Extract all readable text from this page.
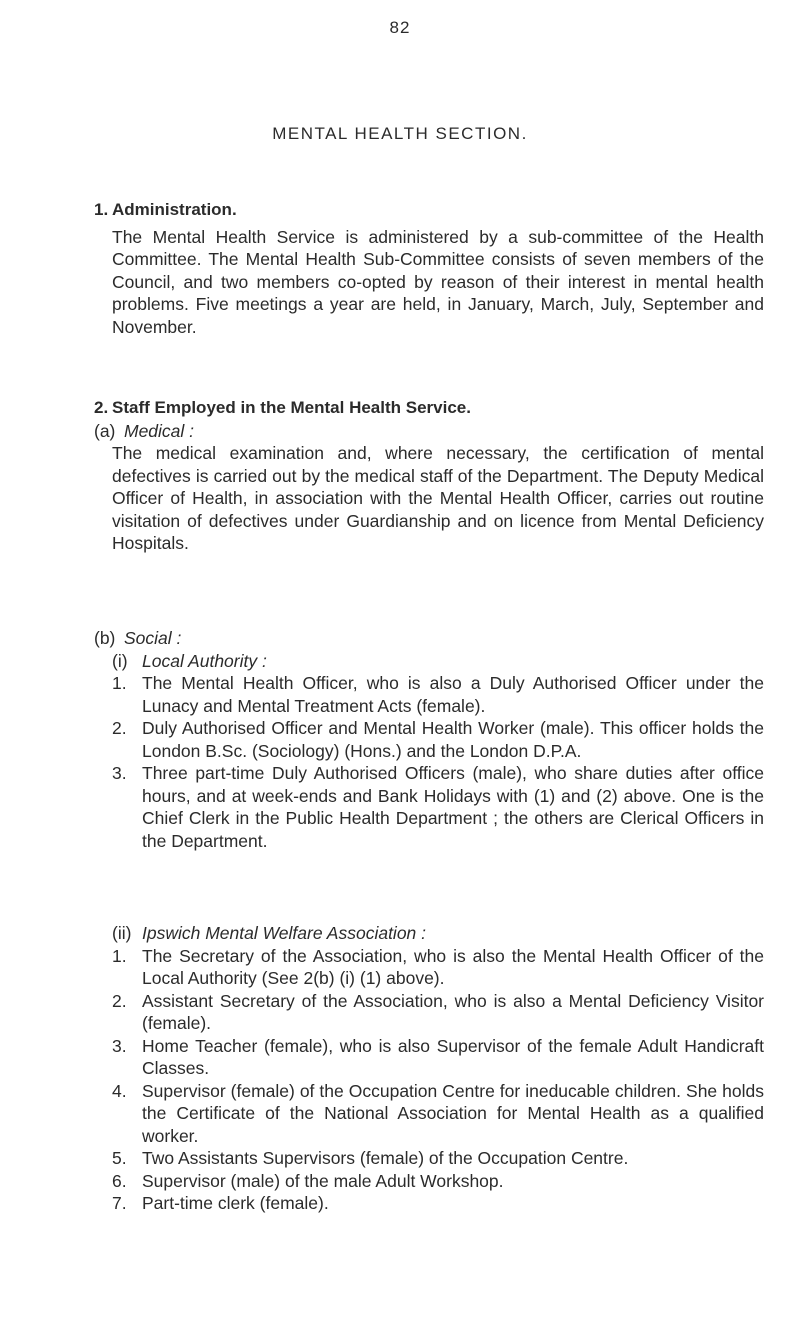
82
MENTAL HEALTH SECTION.
1. Administration.

The Mental Health Service is administered by a sub-committee of the Health Committee. The Mental Health Sub-Committee consists of seven members of the Council, and two members co-opted by reason of their interest in mental health problems. Five meetings a year are held, in January, March, July, September and November.

2. Staff Employed in the Mental Health Service.
(a) Medical :

The medical examination and, where necessary, the certification of mental defectives is carried out by the medical staff of the Department. The Deputy Medical Officer of Health, in association with the Mental Health Officer, carries out routine visitation of defectives under Guardianship and on licence from Mental Deficiency Hospitals.

(b) Social :
(i) Local Authority :
1. The Mental Health Officer, who is also a Duly Authorised Officer under the Lunacy and Mental Treatment Acts (female).
2. Duly Authorised Officer and Mental Health Worker (male). This officer holds the London B.Sc. (Sociology) (Hons.) and the London D.P.A.
3. Three part-time Duly Authorised Officers (male), who share duties after office hours, and at week-ends and Bank Holidays with (1) and (2) above. One is the Chief Clerk in the Public Health Department ; the others are Clerical Officers in the Department.
(ii) Ipswich Mental Welfare Association :
1. The Secretary of the Association, who is also the Mental Health Officer of the Local Authority (See 2(b) (i) (1) above).
2. Assistant Secretary of the Association, who is also a Mental Deficiency Visitor (female).
3. Home Teacher (female), who is also Supervisor of the female Adult Handicraft Classes.
4. Supervisor (female) of the Occupation Centre for ineducable children. She holds the Certificate of the National Association for Mental Health as a qualified worker.
5. Two Assistants Supervisors (female) of the Occupation Centre.
6. Supervisor (male) of the male Adult Workshop.
7. Part-time clerk (female).
